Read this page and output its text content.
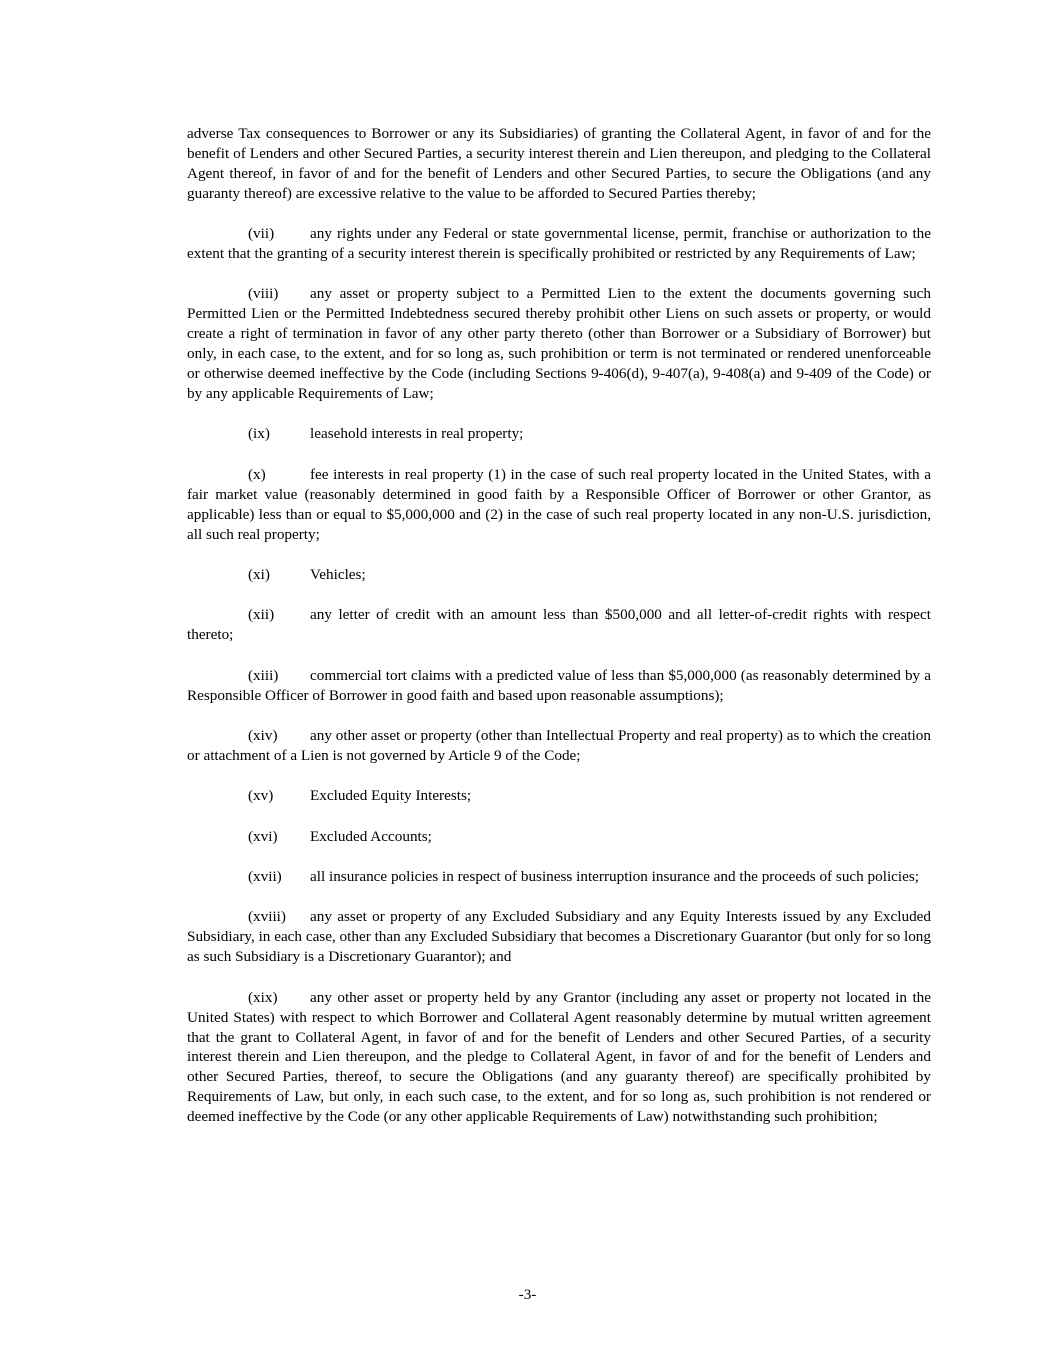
adverse Tax consequences to Borrower or any its Subsidiaries) of granting the Collateral Agent, in favor of and for the benefit of Lenders and other Secured Parties, a security interest therein and Lien thereupon, and pledging to the Collateral Agent thereof, in favor of and for the benefit of Lenders and other Secured Parties, to secure the Obligations (and any guaranty thereof) are excessive relative to the value to be afforded to Secured Parties thereby;

(vii) any rights under any Federal or state governmental license, permit, franchise or authorization to the extent that the granting of a security interest therein is specifically prohibited or restricted by any Requirements of Law;

(viii) any asset or property subject to a Permitted Lien to the extent the documents governing such Permitted Lien or the Permitted Indebtedness secured thereby prohibit other Liens on such assets or property, or would create a right of termination in favor of any other party thereto (other than Borrower or a Subsidiary of Borrower) but only, in each case, to the extent, and for so long as, such prohibition or term is not terminated or rendered unenforceable or otherwise deemed ineffective by the Code (including Sections 9-406(d), 9-407(a), 9-408(a) and 9-409 of the Code) or by any applicable Requirements of Law;

(ix)	leasehold interests in real property;

(x)	fee interests in real property (1) in the case of such real property located in the United States, with a fair market value (reasonably determined in good faith by a Responsible Officer of Borrower or other Grantor, as applicable) less than or equal to $5,000,000 and (2) in the case of such real property located in any non-U.S. jurisdiction, all such real property;

(xi)	Vehicles;

(xii) any letter of credit with an amount less than $500,000 and all letter-of-credit rights with respect thereto;

(xiii) commercial tort claims with a predicted value of less than $5,000,000 (as reasonably determined by a Responsible Officer of Borrower in good faith and based upon reasonable assumptions);

(xiv) any other asset or property (other than Intellectual Property and real property) as to which the creation or attachment of a Lien is not governed by Article 9 of the Code;

(xv) Excluded Equity Interests;

(xvi) Excluded Accounts;

(xvii) all insurance policies in respect of business interruption insurance and the proceeds of such policies;

(xviii) any asset or property of any Excluded Subsidiary and any Equity Interests issued by any Excluded Subsidiary, in each case, other than any Excluded Subsidiary that becomes a Discretionary Guarantor (but only for so long as such Subsidiary is a Discretionary Guarantor); and

(xix) any other asset or property held by any Grantor (including any asset or property not located in the United States) with respect to which Borrower and Collateral Agent reasonably determine by mutual written agreement that the grant to Collateral Agent, in favor of and for the benefit of Lenders and other Secured Parties, of a security interest therein and Lien thereupon, and the pledge to Collateral Agent, in favor of and for the benefit of Lenders and other Secured Parties, thereof, to secure the Obligations (and any guaranty thereof) are specifically prohibited by Requirements of Law, but only, in each such case, to the extent, and for so long as, such prohibition is not rendered or deemed ineffective by the Code (or any other applicable Requirements of Law) notwithstanding such prohibition;

-3-
